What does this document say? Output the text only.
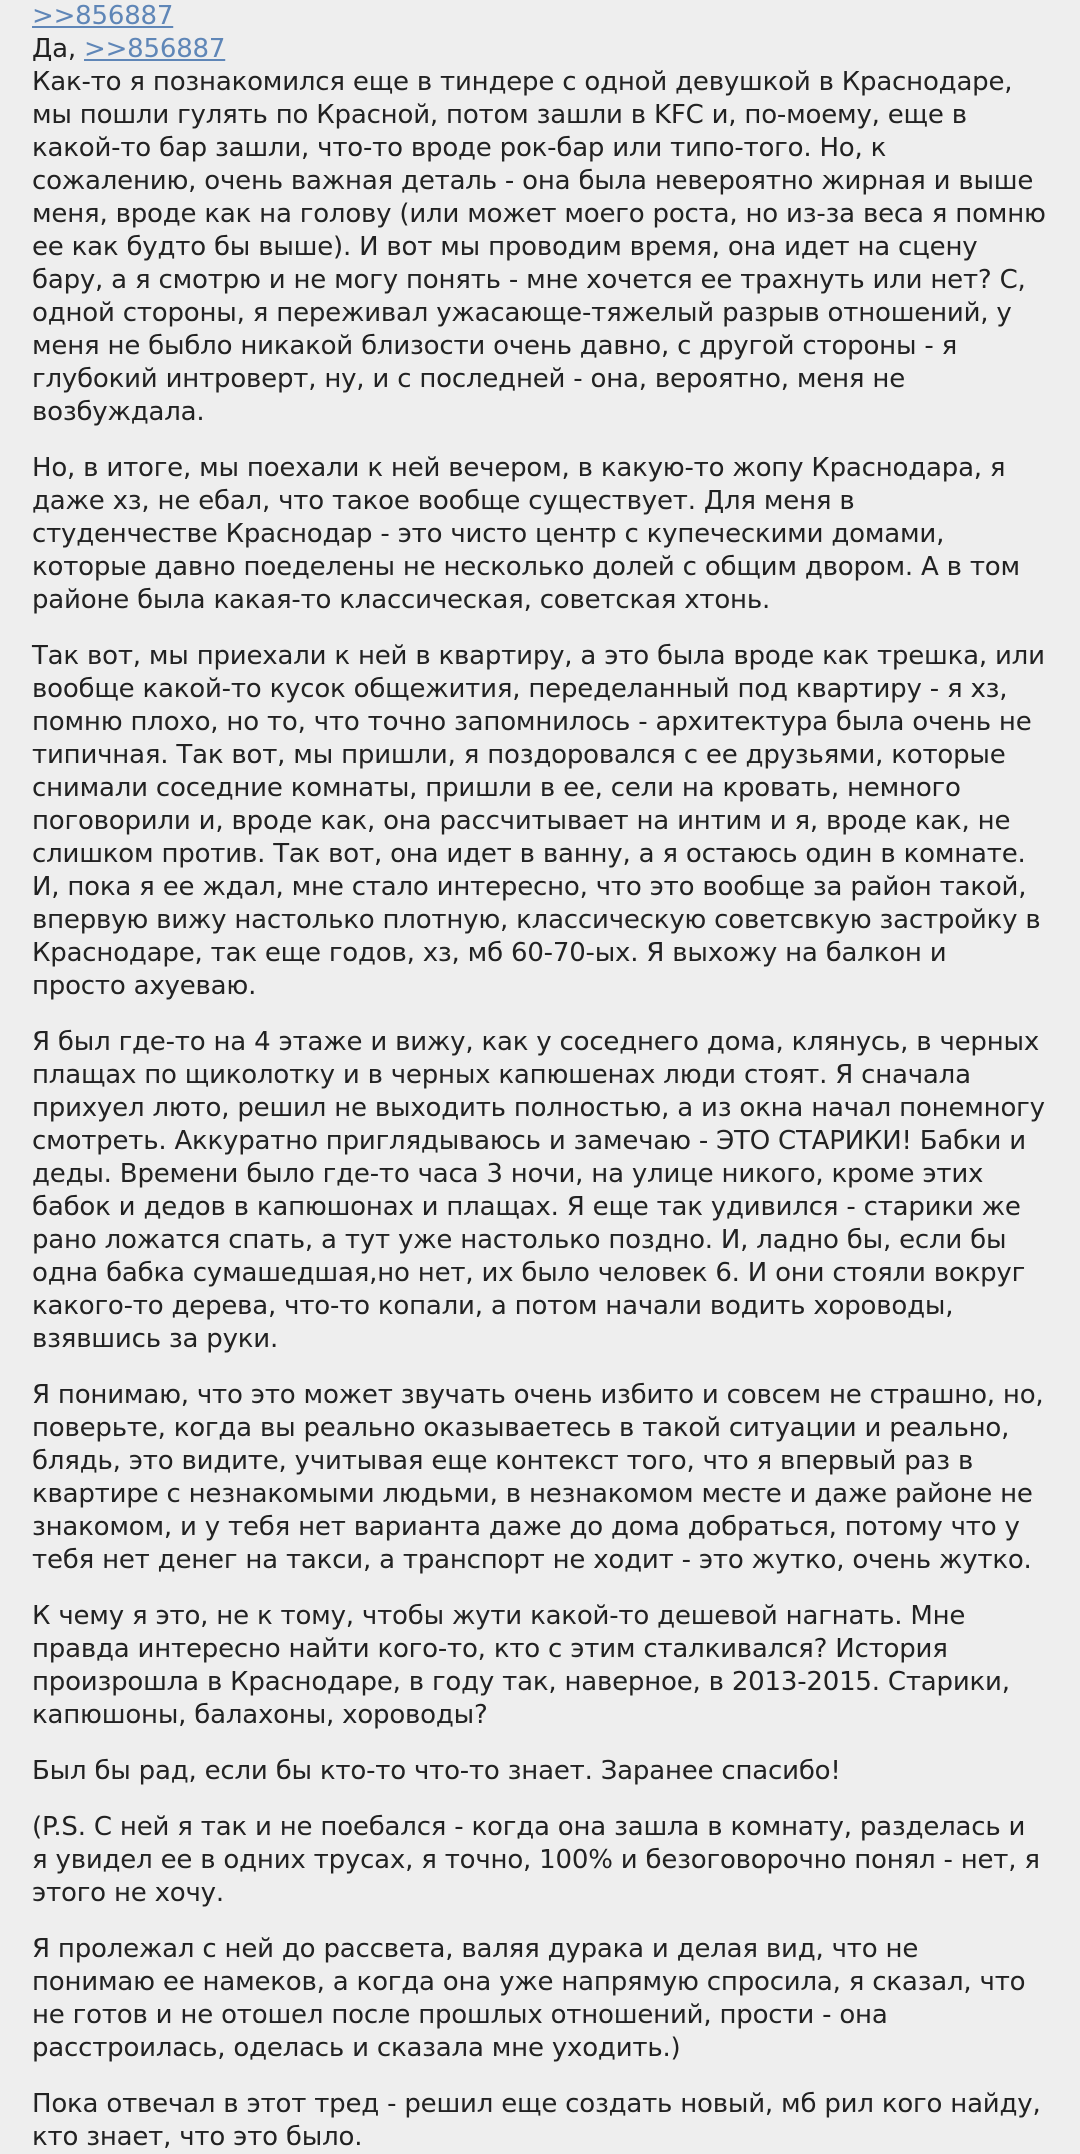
>>856887
Да, >>856887

Как-то я познакомился еще в тиндере с одной девушкой в Краснодаре, мы пошли гулять по Красной, потом зашли в KFC и, по-моему, еще в какой-то бар зашли, что-то вроде рок-бар или типо-того. Но, к сожалению, очень важная деталь - она была невероятно жирная и выше меня, вроде как на голову (или может моего роста, но из-за веса я помню ее как будто бы выше). И вот мы проводим время, она идет на сцену бару, а я смотрю и не могу понять - мне хочется ее трахнуть или нет? С, одной стороны, я переживал ужасающе-тяжелый разрыв отношений, у меня не быбло никакой близости очень давно, с другой стороны - я глубокий интроверт, ну, и с последней - она, вероятно, меня не возбуждала.

Но, в итоге, мы поехали к ней вечером, в какую-то жопу Краснодара, я даже хз, не ебал, что такое вообще существует. Для меня в студенчестве Краснодар - это чисто центр с купеческими домами, которые давно поеделены не несколько долей с общим двором. А в том районе была какая-то классическая, советская хтонь.

Так вот, мы приехали к ней в квартиру, а это была вроде как трешка, или вообще какой-то кусок общежития, переделанный под квартиру - я хз, помню плохо, но то, что точно запомнилось - архитектура была очень не типичная. Так вот, мы пришли, я поздоровался с ее друзьями, которые снимали соседние комнаты, пришли в ее, сели на кровать, немного поговорили и, вроде как, она рассчитывает на интим и я, вроде как, не слишком против. Так вот, она идет в ванну, а я остаюсь один в комнате. И, пока я ее ждал, мне стало интересно, что это вообще за район такой, впервую вижу настолько плотную, классическую советсвкую застройку в Краснодаре, так еще годов, хз, мб 60-70-ых. Я выхожу на балкон и просто ахуеваю.

Я был где-то на 4 этаже и вижу, как у соседнего дома, клянусь, в черных плащах по щиколотку и в черных капюшенах люди стоят. Я сначала прихуел люто, решил не выходить полностью, а из окна начал понемногу смотреть. Аккуратно приглядываюсь и замечаю - ЭТО СТАРИКИ! Бабки и деды. Времени было где-то часа 3 ночи, на улице никого, кроме этих бабок и дедов в капюшонах и плащах. Я еще так удивился - старики же рано ложатся спать, а тут уже настолько поздно. И, ладно бы, если бы одна бабка сумашедшая,но нет, их было человек 6. И они стояли вокруг какого-то дерева, что-то копали, а потом начали водить хороводы, взявшись за руки.

Я понимаю, что это может звучать очень избито и совсем не страшно, но, поверьте, когда вы реально оказываетесь в такой ситуации и реально, блядь, это видите, учитывая еще контекст того, что я впервый раз в квартире с незнакомыми людьми, в незнакомом месте и даже районе не знакомом, и у тебя нет варианта даже до дома добраться, потому что у тебя нет денег на такси, а транспорт не ходит - это жутко, очень жутко.

К чему я это, не к тому, чтобы жути какой-то дешевой нагнать. Мне правда интересно найти кого-то, кто с этим сталкивался? История произрошла в Краснодаре, в году так, наверное, в 2013-2015. Старики, капюшоны, балахоны, хороводы?

Был бы рад, если бы кто-то что-то знает. Заранее спасибо!

(P.S. С ней я так и не поебался - когда она зашла в комнату, разделась и я увидел ее в одних трусах, я точно, 100% и безоговорочно понял - нет, я этого не хочу.

Я пролежал с ней до рассвета, валяя дурака и делая вид, что не понимаю ее намеков, а когда она уже напрямую спросила, я сказал, что не готов и не отошел после прошлых отношений, прости - она расстроилась, оделась и сказала мне уходить.)

Пока отвечал в этот тред - решил еще создать новый, мб рил кого найду, кто знает, что это было.
